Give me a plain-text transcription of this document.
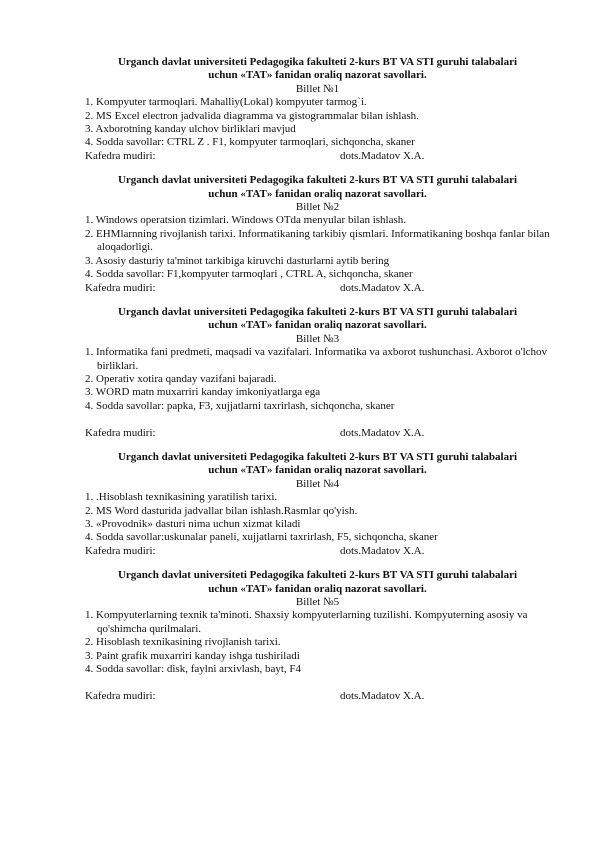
Urganch davlat universiteti Pedagogika fakulteti 2-kurs BT VA STI guruhi talabalari
uchun «TAT» fanidan oraliq nazorat savollari.
Billet №1
1. Kompyuter tarmoqlari. Mahalliy(Lokal) kompyuter tarmog`i.
2. MS Excel electron jadvalida diagramma va gistogrammalar bilan ishlash.
3. Axborotning kanday ulchov birliklari mavjud
4. Sodda savollar: CTRL Z . F1, kompyuter tarmoqlari, sichqoncha, skaner
Kafedra mudiri:	dots.Madatov X.A.
Urganch davlat universiteti Pedagogika fakulteti 2-kurs BT VA STI guruhi talabalari
uchun «TAT» fanidan oraliq nazorat savollari.
Billet №2
1. Windows operatsion tizimlari. Windows OTda menyular bilan ishlash.
2. EHMlarnning rivojlanish tarixi. Informatikaning tarkibiy qismlari. Informatikaning boshqa fanlar bilan aloqadorligi.
3. Asosiy dasturiy ta'minot tarkibiga kiruvchi dasturlarni aytib bering
4. Sodda savollar: F1,kompyuter tarmoqlari , CTRL A, sichqoncha, skaner
Kafedra mudiri:	dots.Madatov X.A.
Urganch davlat universiteti Pedagogika fakulteti 2-kurs BT VA STI guruhi talabalari
uchun «TAT» fanidan oraliq nazorat savollari.
Billet №3
1. Informatika fani predmeti, maqsadi va vazifalari. Informatika va axborot tushunchasi. Axborot o'lchov birliklari.
2. Operativ xotira qanday vazifani bajaradi.
3. WORD matn muxarriri kanday imkoniyatlarga ega
4. Sodda savollar: papka, F3, xujjatlarni taxrirlash, sichqoncha, skaner
Kafedra mudiri:	dots.Madatov X.A.
Urganch davlat universiteti Pedagogika fakulteti 2-kurs BT VA STI guruhi talabalari
uchun «TAT» fanidan oraliq nazorat savollari.
Billet №4
1. .Hisoblash texnikasining yaratilish tarixi.
2. MS Word dasturida jadvallar bilan ishlash.Rasmlar qo'yish.
3. «Provodnik» dasturi nima uchun xizmat kiladi
4. Sodda savollar:uskunalar paneli, xujjatlarni taxrirlash, F5, sichqoncha, skaner
Kafedra mudiri:	dots.Madatov X.A.
Urganch davlat universiteti Pedagogika fakulteti 2-kurs BT VA STI guruhi talabalari
uchun «TAT» fanidan oraliq nazorat savollari.
Billet №5
1. Kompyuterlarning texnik ta'minoti. Shaxsiy kompyuterlarning tuzilishi. Kompyuterning asosiy va qo'shimcha qurilmalari.
2. Hisoblash texnikasining rivojlanish tarixi.
3. Paint grafik muxarriri kanday ishga tushiriladi
4. Sodda savollar: disk, faylni arxivlash, bayt, F4
Kafedra mudiri:	dots.Madatov X.A.
